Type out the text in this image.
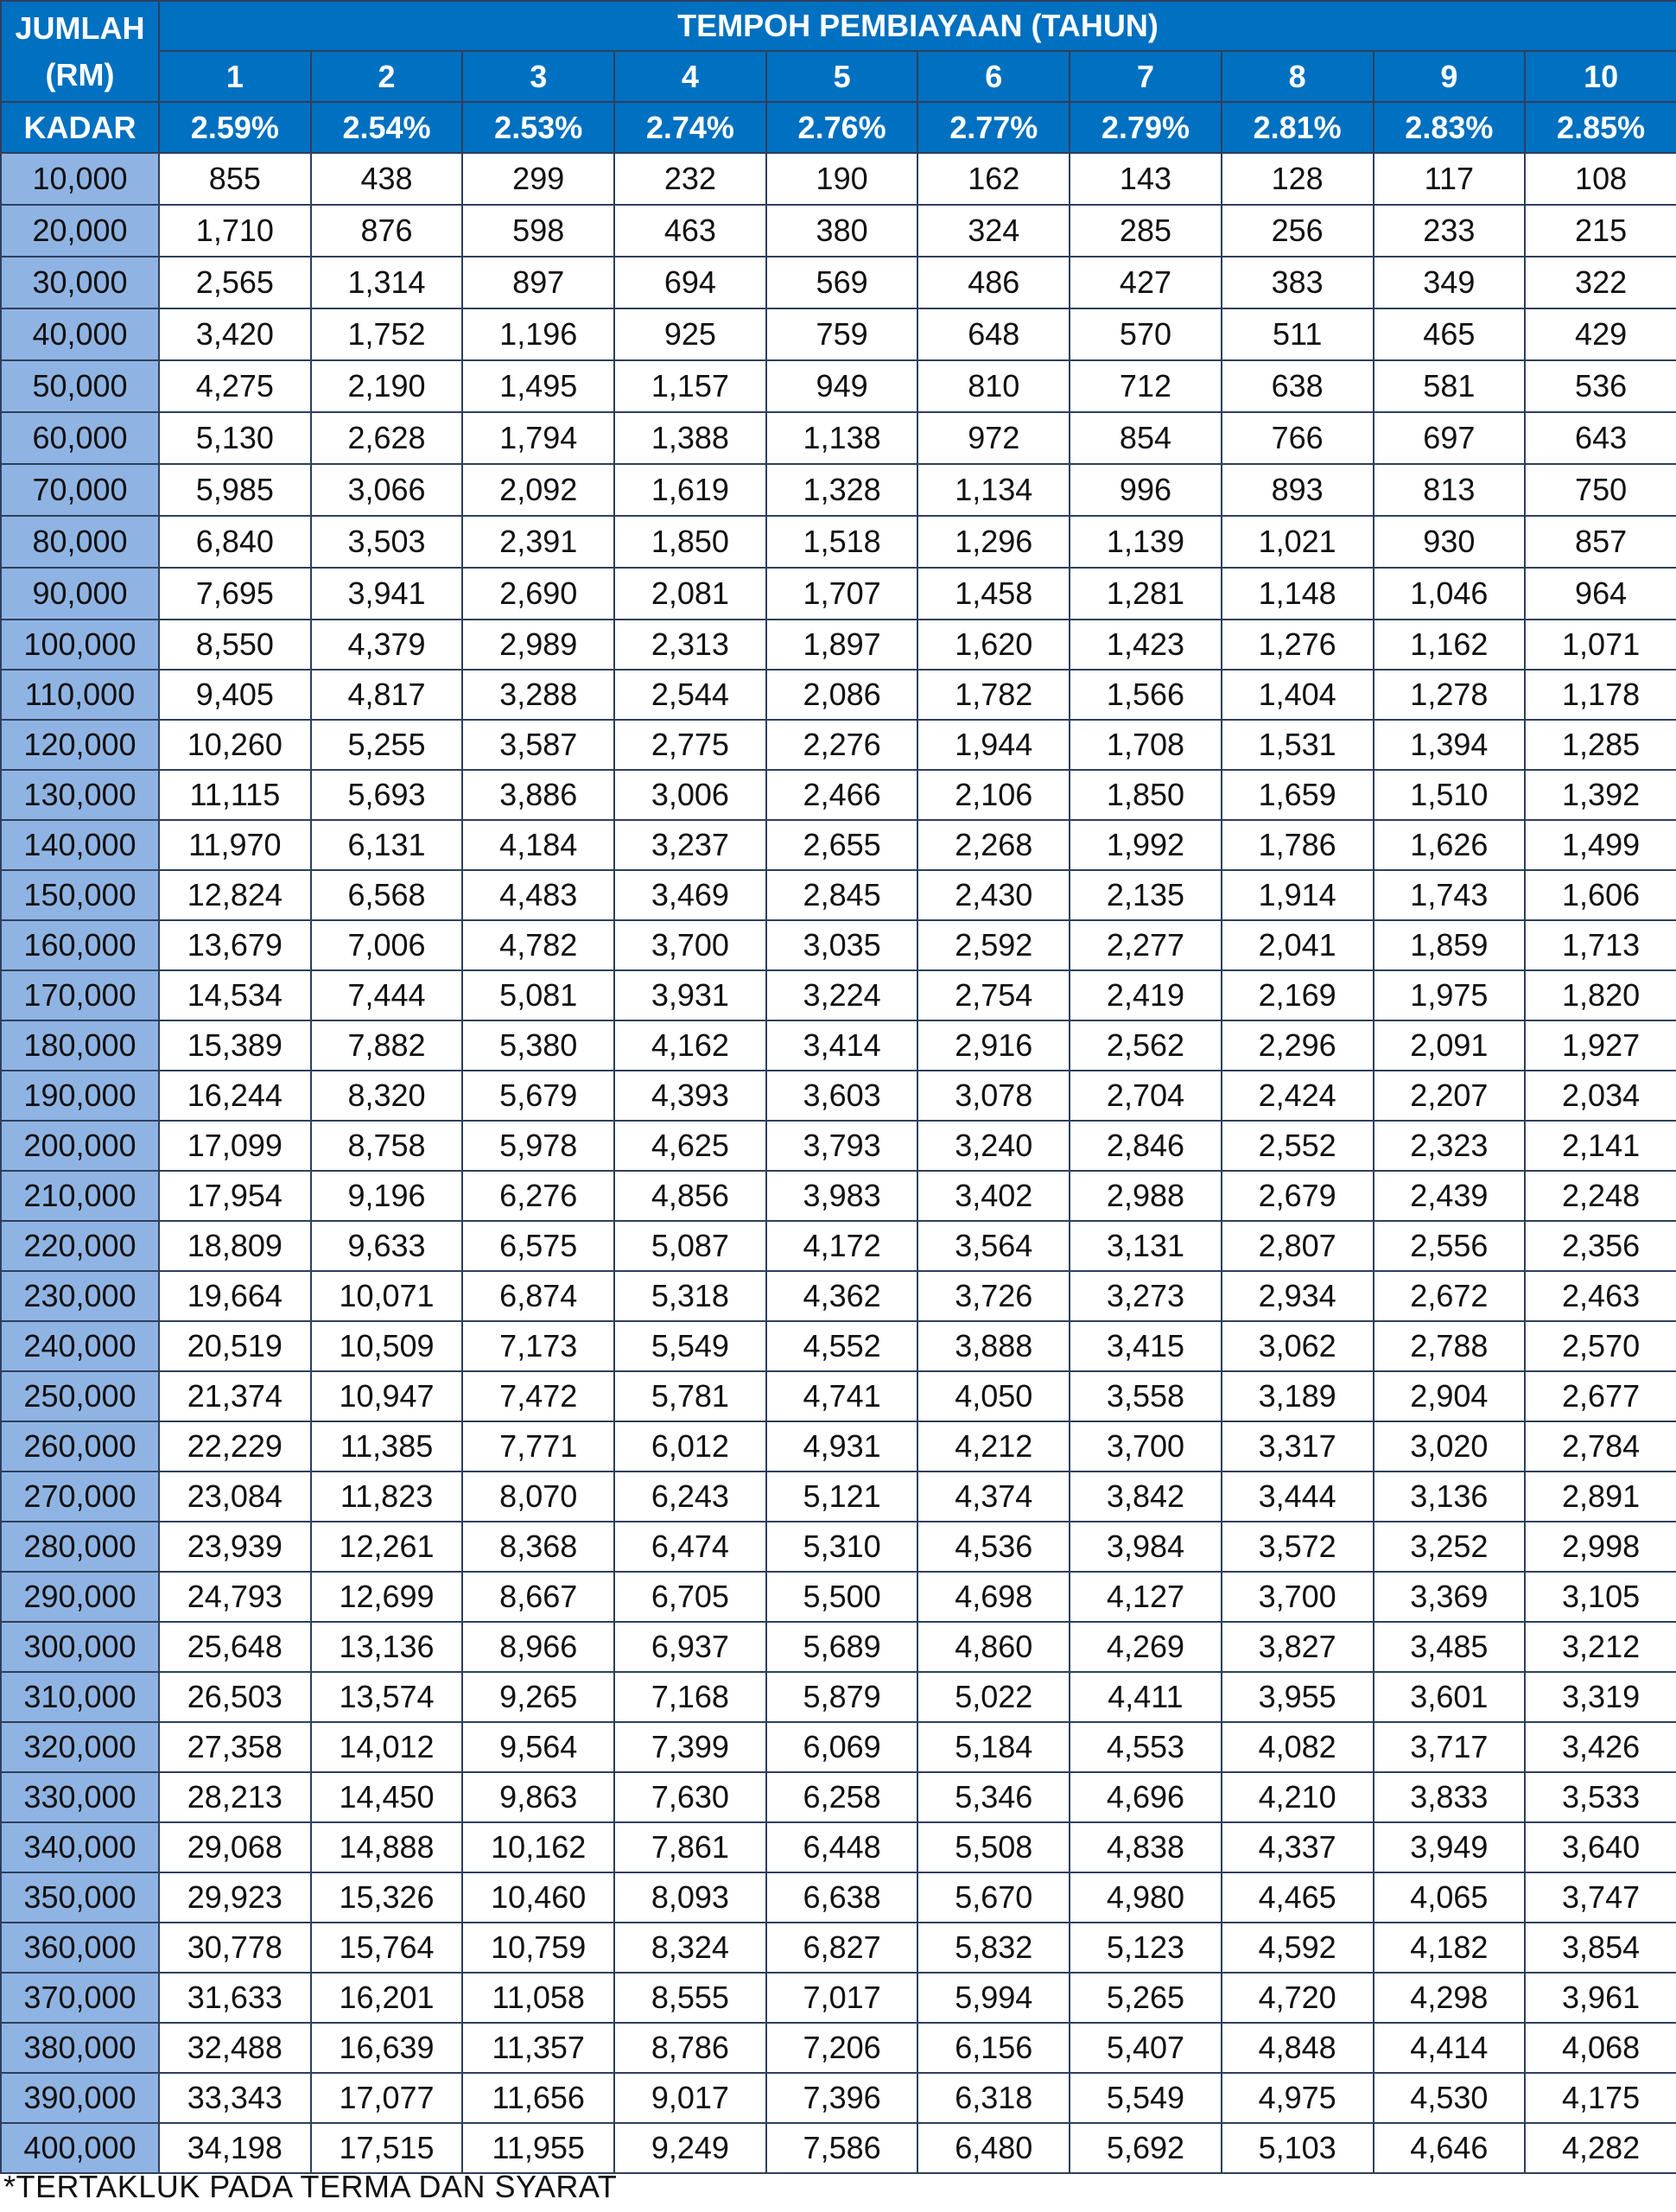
JUMLAH
(RM)	TEMPOH PEMBIAYAAN (TAHUN)									
	1	2	3	4	5	6	7	8	9	10
KADAR	2.59%	2.54%	2.53%	2.74%	2.76%	2.77%	2.79%	2.81%	2.83%	2.85%
10,000	855	438	299	232	190	162	143	128	117	108
20,000	1,710	876	598	463	380	324	285	256	233	215
30,000	2,565	1,314	897	694	569	486	427	383	349	322
40,000	3,420	1,752	1,196	925	759	648	570	511	465	429
50,000	4,275	2,190	1,495	1,157	949	810	712	638	581	536
60,000	5,130	2,628	1,794	1,388	1,138	972	854	766	697	643
70,000	5,985	3,066	2,092	1,619	1,328	1,134	996	893	813	750
80,000	6,840	3,503	2,391	1,850	1,518	1,296	1,139	1,021	930	857
90,000	7,695	3,941	2,690	2,081	1,707	1,458	1,281	1,148	1,046	964
100,000	8,550	4,379	2,989	2,313	1,897	1,620	1,423	1,276	1,162	1,071
110,000	9,405	4,817	3,288	2,544	2,086	1,782	1,566	1,404	1,278	1,178
120,000	10,260	5,255	3,587	2,775	2,276	1,944	1,708	1,531	1,394	1,285
130,000	11,115	5,693	3,886	3,006	2,466	2,106	1,850	1,659	1,510	1,392
140,000	11,970	6,131	4,184	3,237	2,655	2,268	1,992	1,786	1,626	1,499
150,000	12,824	6,568	4,483	3,469	2,845	2,430	2,135	1,914	1,743	1,606
160,000	13,679	7,006	4,782	3,700	3,035	2,592	2,277	2,041	1,859	1,713
170,000	14,534	7,444	5,081	3,931	3,224	2,754	2,419	2,169	1,975	1,820
180,000	15,389	7,882	5,380	4,162	3,414	2,916	2,562	2,296	2,091	1,927
190,000	16,244	8,320	5,679	4,393	3,603	3,078	2,704	2,424	2,207	2,034
200,000	17,099	8,758	5,978	4,625	3,793	3,240	2,846	2,552	2,323	2,141
210,000	17,954	9,196	6,276	4,856	3,983	3,402	2,988	2,679	2,439	2,248
220,000	18,809	9,633	6,575	5,087	4,172	3,564	3,131	2,807	2,556	2,356
230,000	19,664	10,071	6,874	5,318	4,362	3,726	3,273	2,934	2,672	2,463
240,000	20,519	10,509	7,173	5,549	4,552	3,888	3,415	3,062	2,788	2,570
250,000	21,374	10,947	7,472	5,781	4,741	4,050	3,558	3,189	2,904	2,677
260,000	22,229	11,385	7,771	6,012	4,931	4,212	3,700	3,317	3,020	2,784
270,000	23,084	11,823	8,070	6,243	5,121	4,374	3,842	3,444	3,136	2,891
280,000	23,939	12,261	8,368	6,474	5,310	4,536	3,984	3,572	3,252	2,998
290,000	24,793	12,699	8,667	6,705	5,500	4,698	4,127	3,700	3,369	3,105
300,000	25,648	13,136	8,966	6,937	5,689	4,860	4,269	3,827	3,485	3,212
310,000	26,503	13,574	9,265	7,168	5,879	5,022	4,411	3,955	3,601	3,319
320,000	27,358	14,012	9,564	7,399	6,069	5,184	4,553	4,082	3,717	3,426
330,000	28,213	14,450	9,863	7,630	6,258	5,346	4,696	4,210	3,833	3,533
340,000	29,068	14,888	10,162	7,861	6,448	5,508	4,838	4,337	3,949	3,640
350,000	29,923	15,326	10,460	8,093	6,638	5,670	4,980	4,465	4,065	3,747
360,000	30,778	15,764	10,759	8,324	6,827	5,832	5,123	4,592	4,182	3,854
370,000	31,633	16,201	11,058	8,555	7,017	5,994	5,265	4,720	4,298	3,961
380,000	32,488	16,639	11,357	8,786	7,206	6,156	5,407	4,848	4,414	4,068
390,000	33,343	17,077	11,656	9,017	7,396	6,318	5,549	4,975	4,530	4,175
400,000	34,198	17,515	11,955	9,249	7,586	6,480	5,692	5,103	4,646	4,282
*TERTAKLUK PADA TERMA DAN SYARAT
